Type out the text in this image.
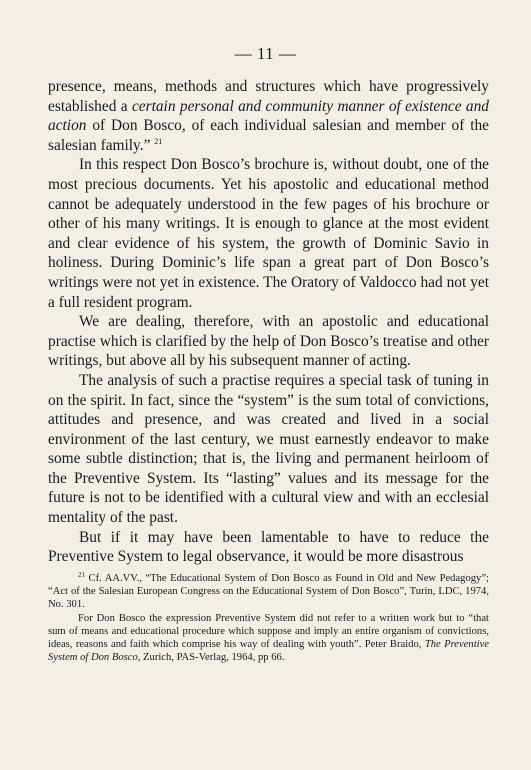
— 11 —

presence, means, methods and structures which have progressively established a certain personal and community manner of existence and action of Don Bosco, of each individual salesian and member of the salesian family.” $^{21}$

In this respect Don Bosco’s brochure is, without doubt, one of the most precious documents. Yet his apostolic and educational method cannot be adequately understood in the few pages of his brochure or other of his many writings. It is enough to glance at the most evident and clear evidence of his system, the growth of Dominic Savio in holiness. During Dominic’s life span a great part of Don Bosco’s writings were not yet in existence. The Oratory of Valdocco had not yet a full resident program.

We are dealing, therefore, with an apostolic and educational practise which is clarified by the help of Don Bosco’s treatise and other writings, but above all by his subsequent manner of acting.

The analysis of such a practise requires a special task of tuning in on the spirit. In fact, since the “system” is the sum total of convictions, attitudes and presence, and was created and lived in a social environment of the last century, we must earnestly endeavor to make some subtle distinction; that is, the living and permanent heirloom of the Preventive System. Its “lasting” values and its message for the future is not to be identified with a cultural view and with an ecclesial mentality of the past.

But if it may have been lamentable to have to reduce the Preventive System to legal observance, it would be more disastrous

$^{21}$ Cf. AA.VV., “The Educational System of Don Bosco as Found in Old and New Pedagogy”; “Act of the Salesian European Congress on the Educational System of Don Bosco”, Turin, LDC, 1974, No. 301.

For Don Bosco the expression Preventive System did not refer to a written work but to “that sum of means and educational procedure which suppose and imply an entire organism of convictions, ideas, reasons and faith which comprise his way of dealing with youth”. Peter Braido, The Preventive System of Don Bosco, Zurich, PAS-Verlag, 1964, pp 66.
